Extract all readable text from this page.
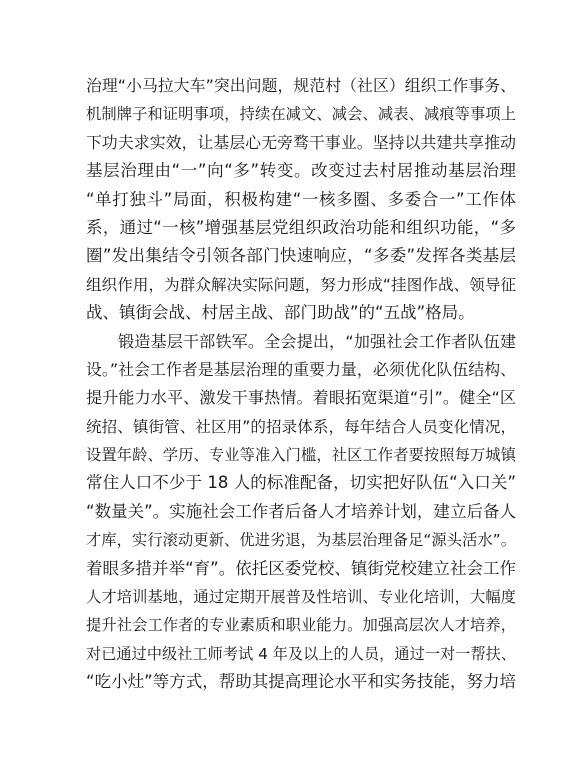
治理“小马拉大车”突出问题，规范村（社区）组织工作事务、
机制牌子和证明事项，持续在减文、减会、减表、减痕等事项上
下功夫求实效，让基层心无旁骛干事业。坚持以共建共享推动
基层治理由“一”向“多”转变。改变过去村居推动基层治理
“单打独斗”局面，积极构建“一核多圈、多委合一”工作体
系，通过“一核”增强基层党组织政治功能和组织功能，“多
圈”发出集结令引领各部门快速响应，“多委”发挥各类基层
组织作用，为群众解决实际问题，努力形成“挂图作战、领导征
战、镇街会战、村居主战、部门助战”的“五战”格局。
锻造基层干部铁军。全会提出，“加强社会工作者队伍建
设。”社会工作者是基层治理的重要力量，必须优化队伍结构、
提升能力水平、激发干事热情。着眼拓宽渠道“引”。健全“区
统招、镇街管、社区用”的招录体系，每年结合人员变化情况，
设置年龄、学历、专业等准入门槛，社区工作者要按照每万城镇
常住人口不少于 18 人的标准配备，切实把好队伍“入口关”
“数量关”。实施社会工作者后备人才培养计划，建立后备人
才库，实行滚动更新、优进劣退，为基层治理备足“源头活水”。
着眼多措并举“育”。依托区委党校、镇街党校建立社会工作
人才培训基地，通过定期开展普及性培训、专业化培训，大幅度
提升社会工作者的专业素质和职业能力。加强高层次人才培养，
对已通过中级社工师考试 4 年及以上的人员，通过一对一帮扶、
“吃小灶”等方式，帮助其提高理论水平和实务技能，努力培
